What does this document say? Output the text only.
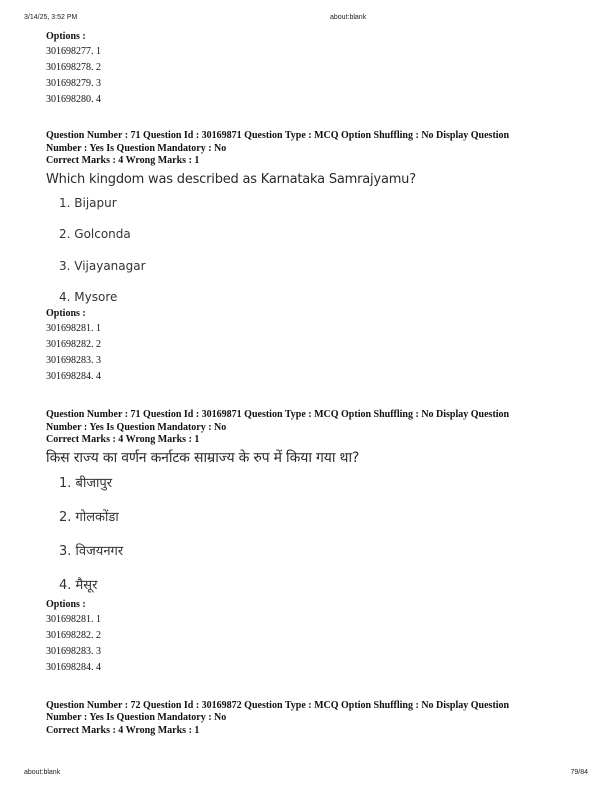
3/14/25, 3:52 PM	about:blank
Options :
301698277. 1
301698278. 2
301698279. 3
301698280. 4
Question Number : 71 Question Id : 30169871 Question Type : MCQ Option Shuffling : No Display Question
Number : Yes Is Question Mandatory : No
Correct Marks : 4 Wrong Marks : 1
Which kingdom was described as Karnataka Samrajyamu?
1. Bijapur
2. Golconda
3. Vijayanagar
4. Mysore
Options :
301698281. 1
301698282. 2
301698283. 3
301698284. 4
Question Number : 71 Question Id : 30169871 Question Type : MCQ Option Shuffling : No Display Question
Number : Yes Is Question Mandatory : No
Correct Marks : 4 Wrong Marks : 1
किस राज्य का वर्णन कर्नाटक साम्राज्य के रुप में किया गया था?
1. बीजापुर
2. गोलकोंडा
3. विजयनगर
4. मैसूर
Options :
301698281. 1
301698282. 2
301698283. 3
301698284. 4
Question Number : 72 Question Id : 30169872 Question Type : MCQ Option Shuffling : No Display Question
Number : Yes Is Question Mandatory : No
Correct Marks : 4 Wrong Marks : 1
about:blank	79/84
